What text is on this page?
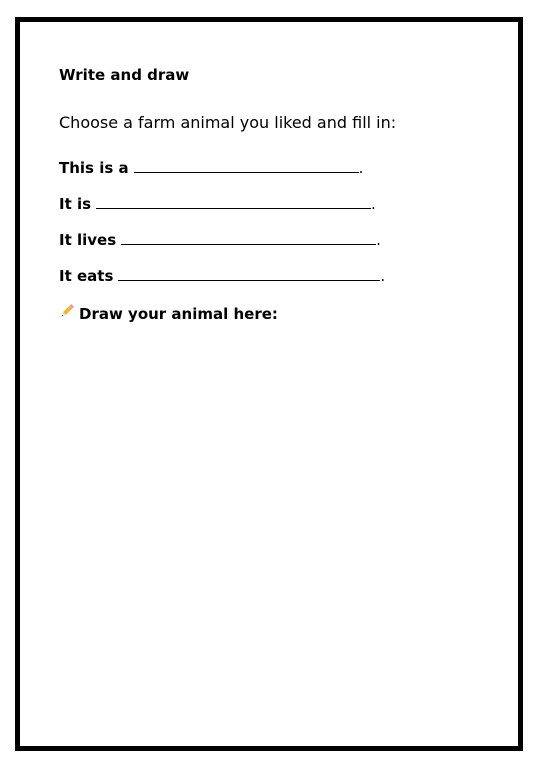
Write and draw

Choose a farm animal you liked and fill in:

This is a	.
It is	.
It lives	.
It eats	.
Draw your animal here:
